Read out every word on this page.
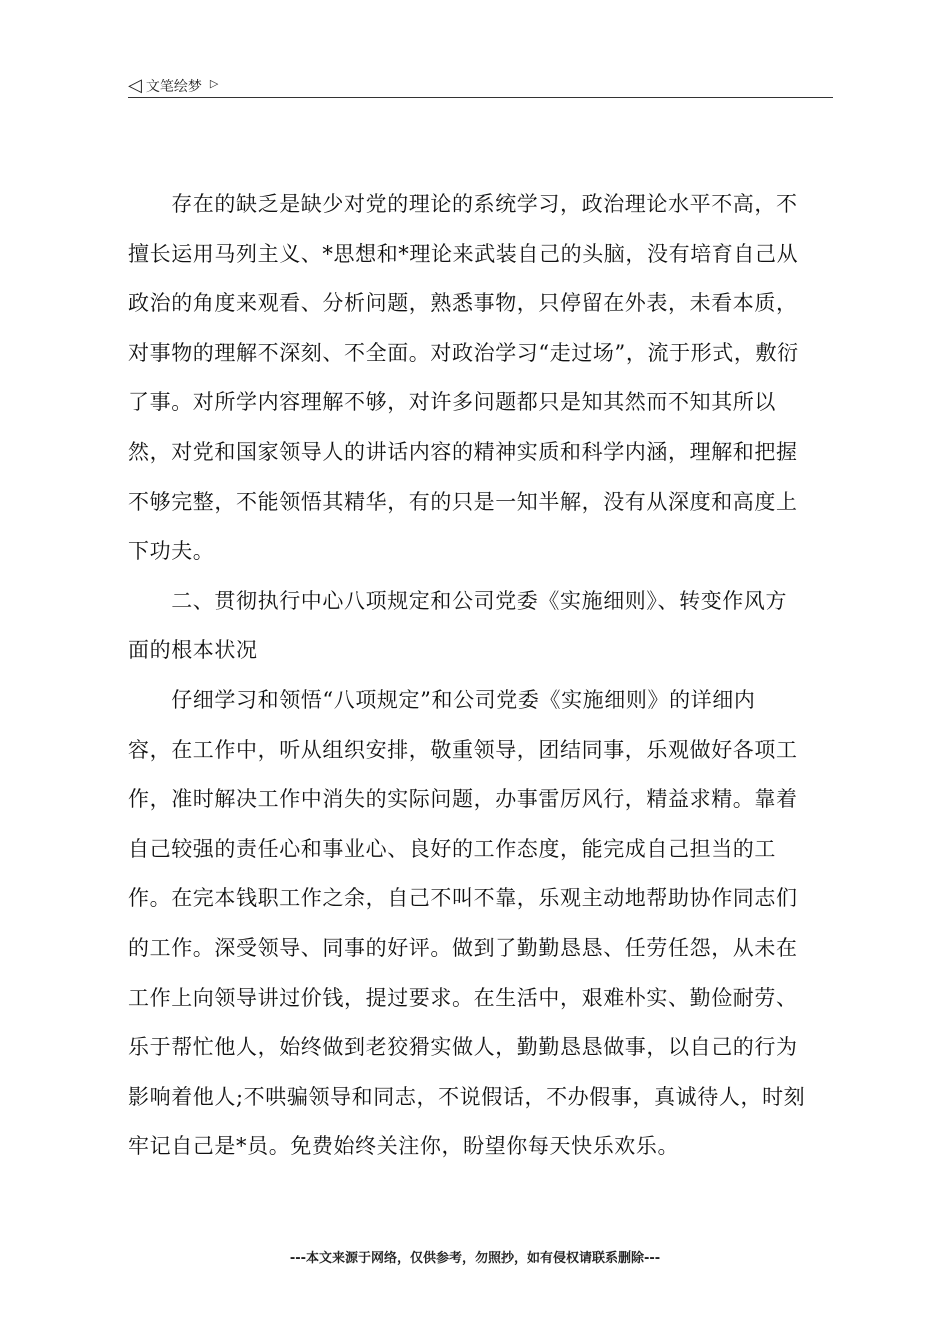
◁ 文笔绘梦 ▷
　　存在的缺乏是缺少对党的理论的系统学习，政治理论水平不高，不
擅长运用马列主义、*思想和*理论来武装自己的头脑，没有培育自己从
政治的角度来观看、分析问题，熟悉事物，只停留在外表，未看本质，
对事物的理解不深刻、不全面。对政治学习“走过场”，流于形式，敷衍
了事。对所学内容理解不够，对许多问题都只是知其然而不知其所以
然，对党和国家领导人的讲话内容的精神实质和科学内涵，理解和把握
不够完整，不能领悟其精华，有的只是一知半解，没有从深度和高度上
下功夫。
　　二、贯彻执行中心八项规定和公司党委《实施细则》、转变作风方
面的根本状况
　　仔细学习和领悟“八项规定”和公司党委《实施细则》的详细内
容，在工作中，听从组织安排，敬重领导，团结同事，乐观做好各项工
作，准时解决工作中消失的实际问题，办事雷厉风行，精益求精。靠着
自己较强的责任心和事业心、良好的工作态度，能完成自己担当的工
作。在完本钱职工作之余，自己不叫不靠，乐观主动地帮助协作同志们
的工作。深受领导、同事的好评。做到了勤勤恳恳、任劳任怨，从未在
工作上向领导讲过价钱，提过要求。在生活中，艰难朴实、勤俭耐劳、
乐于帮忙他人，始终做到老狡猾实做人，勤勤恳恳做事，以自己的行为
影响着他人;不哄骗领导和同志，不说假话，不办假事，真诚待人，时刻
牢记自己是*员。免费始终关注你，盼望你每天快乐欢乐。
---本文来源于网络，仅供参考，勿照抄，如有侵权请联系删除---
